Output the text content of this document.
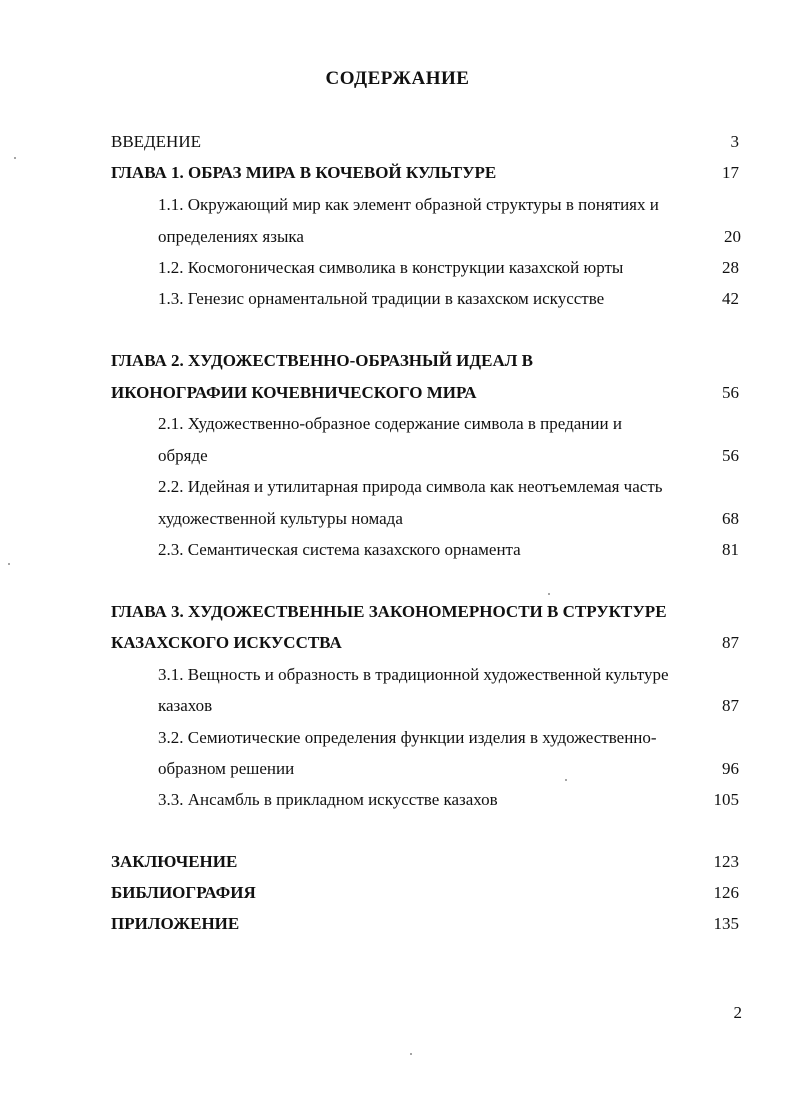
СОДЕРЖАНИЕ
ВВЕДЕНИЕ	3
ГЛАВА 1. ОБРАЗ МИРА В КОЧЕВОЙ КУЛЬТУРЕ	17
1.1. Окружающий мир как элемент образной структуры в понятиях и
определениях языка	20
1.2. Космогоническая символика в конструкции казахской юрты	28
1.3. Генезис орнаментальной традиции в казахском искусстве	42
ГЛАВА 2. ХУДОЖЕСТВЕННО-ОБРАЗНЫЙ ИДЕАЛ В
ИКОНОГРАФИИ КОЧЕВНИЧЕСКОГО МИРА	56
2.1. Художественно-образное содержание символа в предании и
обряде	56
2.2. Идейная и утилитарная природа символа как неотъемлемая часть
художественной культуры номада	68
2.3. Семантическая система казахского орнамента	81
ГЛАВА 3. ХУДОЖЕСТВЕННЫЕ ЗАКОНОМЕРНОСТИ В СТРУКТУРЕ
КАЗАХСКОГО ИСКУССТВА	87
3.1. Вещность и образность в традиционной художественной культуре
казахов	87
3.2. Семиотические определения функции изделия в художественно-
образном решении	96
3.3. Ансамбль в прикладном искусстве казахов	105
ЗАКЛЮЧЕНИЕ	123
БИБЛИОГРАФИЯ	126
ПРИЛОЖЕНИЕ	135
2
